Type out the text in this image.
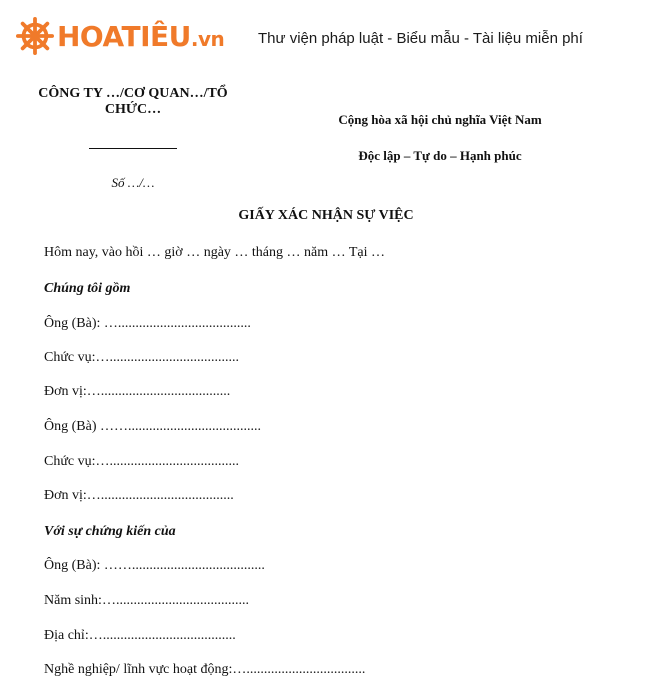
HOATIÊU.vn Thư viện pháp luật - Biểu mẫu - Tài liệu miễn phí
CÔNG TY …/CƠ QUAN…/TỔ CHỨC…
Số …/…
Cộng hòa xã hội chủ nghĩa Việt Nam
Độc lập – Tự do – Hạnh phúc
GIẤY XÁC NHẬN SỰ VIỆC
Hôm nay, vào hồi … giờ … ngày … tháng … năm … Tại …
Chúng tôi gồm
Ông (Bà): …......................................
Chức vụ:….....................................
Đơn vị:….....................................
Ông (Bà) ……......................................
Chức vụ:….....................................
Đơn vị:…......................................
Với sự chứng kiến của
Ông (Bà): ……......................................
Năm sinh:…......................................
Địa chỉ:…......................................
Nghề nghiệp/ lĩnh vực hoạt động:…..................................
